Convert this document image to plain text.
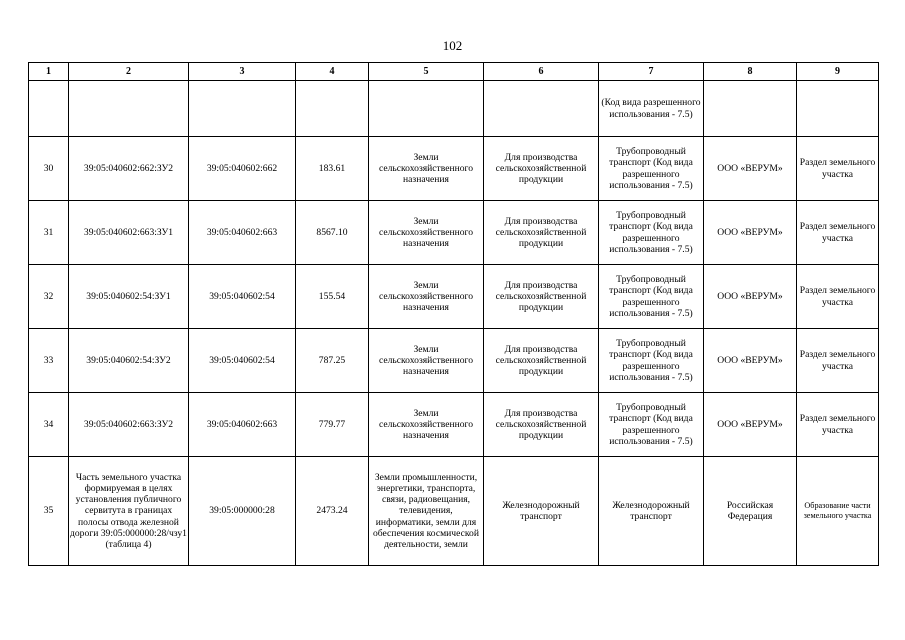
102
1	2	3	4	5	6	7	8	9
						(Код вида разрешенного использования - 7.5)		
30	39:05:040602:662:ЗУ2	39:05:040602:662	183.61	Земли сельскохозяйственного назначения	Для производства сельскохозяйственной продукции	Трубопроводный транспорт (Код вида разрешенного использования - 7.5)	ООО «ВЕРУМ»	Раздел земельного участка
31	39:05:040602:663:ЗУ1	39:05:040602:663	8567.10	Земли сельскохозяйственного назначения	Для производства сельскохозяйственной продукции	Трубопроводный транспорт (Код вида разрешенного использования - 7.5)	ООО «ВЕРУМ»	Раздел земельного участка
32	39:05:040602:54:ЗУ1	39:05:040602:54	155.54	Земли сельскохозяйственного назначения	Для производства сельскохозяйственной продукции	Трубопроводный транспорт (Код вида разрешенного использования - 7.5)	ООО «ВЕРУМ»	Раздел земельного участка
33	39:05:040602:54:ЗУ2	39:05:040602:54	787.25	Земли сельскохозяйственного назначения	Для производства сельскохозяйственной продукции	Трубопроводный транспорт (Код вида разрешенного использования - 7.5)	ООО «ВЕРУМ»	Раздел земельного участка
34	39:05:040602:663:ЗУ2	39:05:040602:663	779.77	Земли сельскохозяйственного назначения	Для производства сельскохозяйственной продукции	Трубопроводный транспорт (Код вида разрешенного использования - 7.5)	ООО «ВЕРУМ»	Раздел земельного участка
35	Часть земельного участка формируемая в целях установления публичного сервитута в границах полосы отвода железной дороги 39:05:000000:28/чзу1 (таблица 4)	39:05:000000:28	2473.24	Земли промышленности, энергетики, транспорта, связи, радиовещания, телевидения, информатики, земли для обеспечения космической деятельности, земли	Железнодорожный транспорт	Железнодорожный транспорт	Российская Федерация	Образование части земельного участка
